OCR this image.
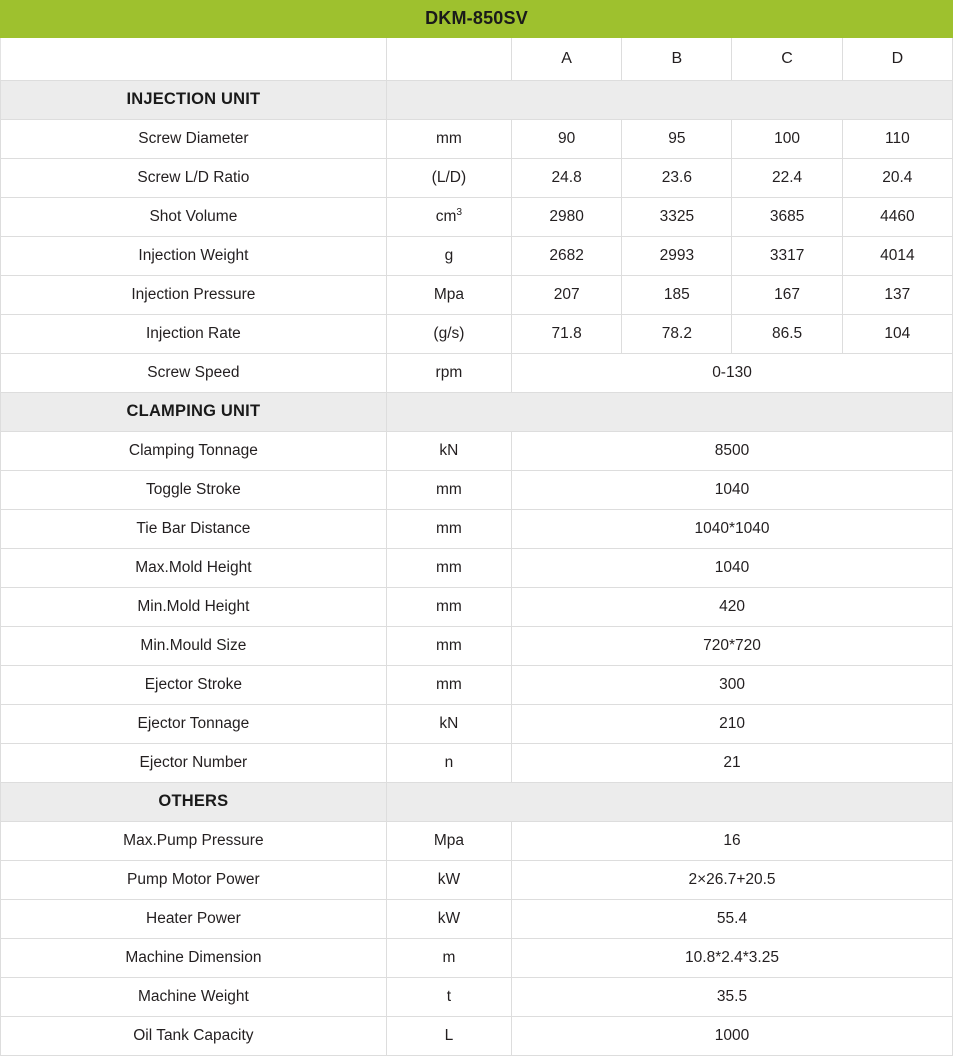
DKM-850SV					
		A	B	C	D
INJECTION UNIT					
Screw Diameter	mm	90	95	100	110
Screw L/D Ratio	(L/D)	24.8	23.6	22.4	20.4
Shot Volume	$cm^3$	2980	3325	3685	4460
Injection Weight	g	2682	2993	3317	4014
Injection Pressure	Mpa	207	185	167	137
Injection Rate	(g/s)	71.8	78.2	86.5	104
Screw Speed	rpm	0-130			
CLAMPING UNIT					
Clamping Tonnage	kN	8500			
Toggle Stroke	mm	1040			
Tie Bar Distance	mm	1040*1040			
Max.Mold Height	mm	1040			
Min.Mold Height	mm	420			
Min.Mould Size	mm	720*720			
Ejector Stroke	mm	300			
Ejector Tonnage	kN	210			
Ejector Number	n	21			
OTHERS					
Max.Pump Pressure	Mpa	16			
Pump Motor Power	kW	2×26.7+20.5			
Heater Power	kW	55.4			
Machine Dimension	m	10.8*2.4*3.25			
Machine Weight	t	35.5			
Oil Tank Capacity	L	1000			
